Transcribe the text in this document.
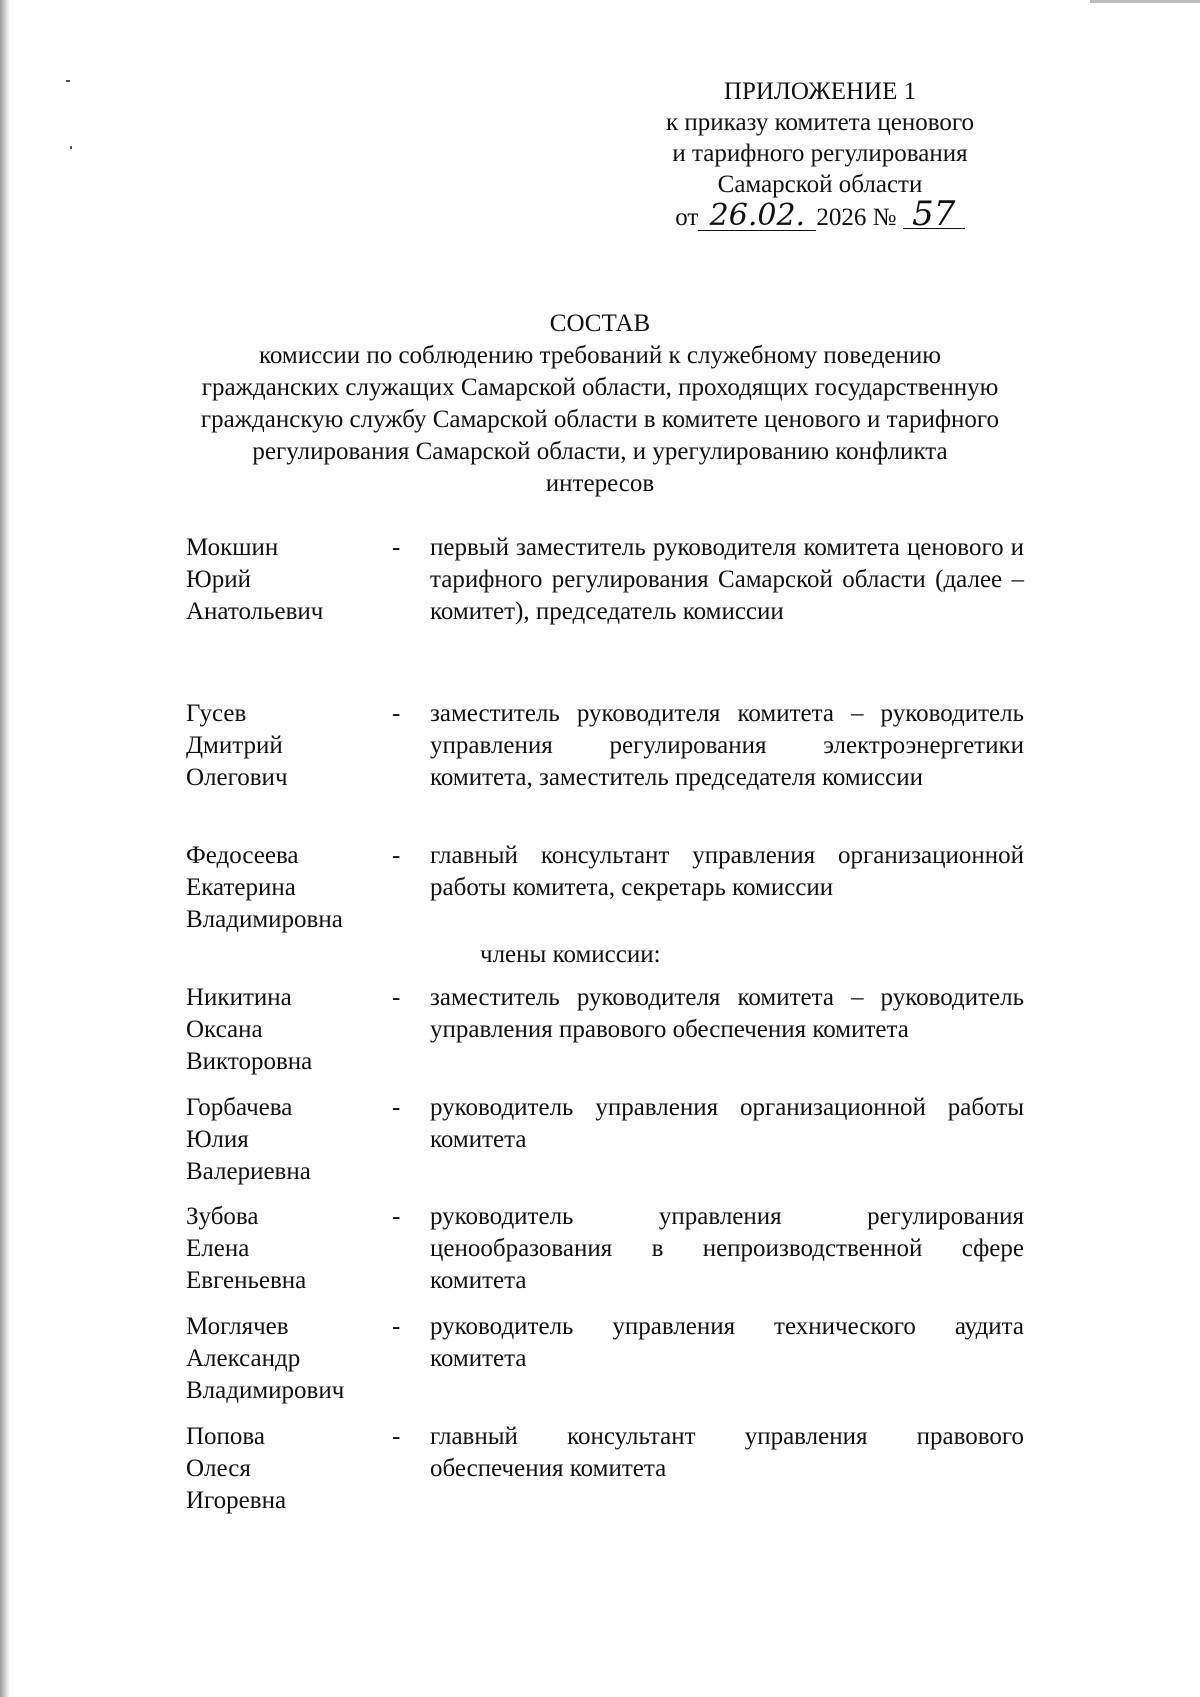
ПРИЛОЖЕНИЕ 1
к приказу комитета ценового
и тарифного регулирования
Самарской области
от 26.02. 2026 № 57
СОСТАВ
комиссии по соблюдению требований к служебному поведению
гражданских служащих Самарской области, проходящих государственную
гражданскую службу Самарской области в комитете ценового и тарифного
регулирования Самарской области, и урегулированию конфликта
интересов
Мокшин
Юрий
Анатольевич
- первый заместитель руководителя комитета ценового и тарифного регулирования Самарской области (далее – комитет), председатель комиссии
Гусев
Дмитрий
Олегович
- заместитель руководителя комитета – руководитель управления регулирования электроэнергетики комитета, заместитель председателя комиссии
Федосеева
Екатерина
Владимировна
- главный консультант управления организационной работы комитета, секретарь комиссии
члены комиссии:
Никитина
Оксана
Викторовна
- заместитель руководителя комитета – руководитель управления правового обеспечения комитета
Горбачева
Юлия
Валериевна
- руководитель управления организационной работы комитета
Зубова
Елена
Евгеньевна
- руководитель управления регулирования ценообразования в непроизводственной сфере комитета
Моглячев
Александр
Владимирович
- руководитель управления технического аудита комитета
Попова
Олеся
Игоревна
- главный консультант управления правового обеспечения комитета
